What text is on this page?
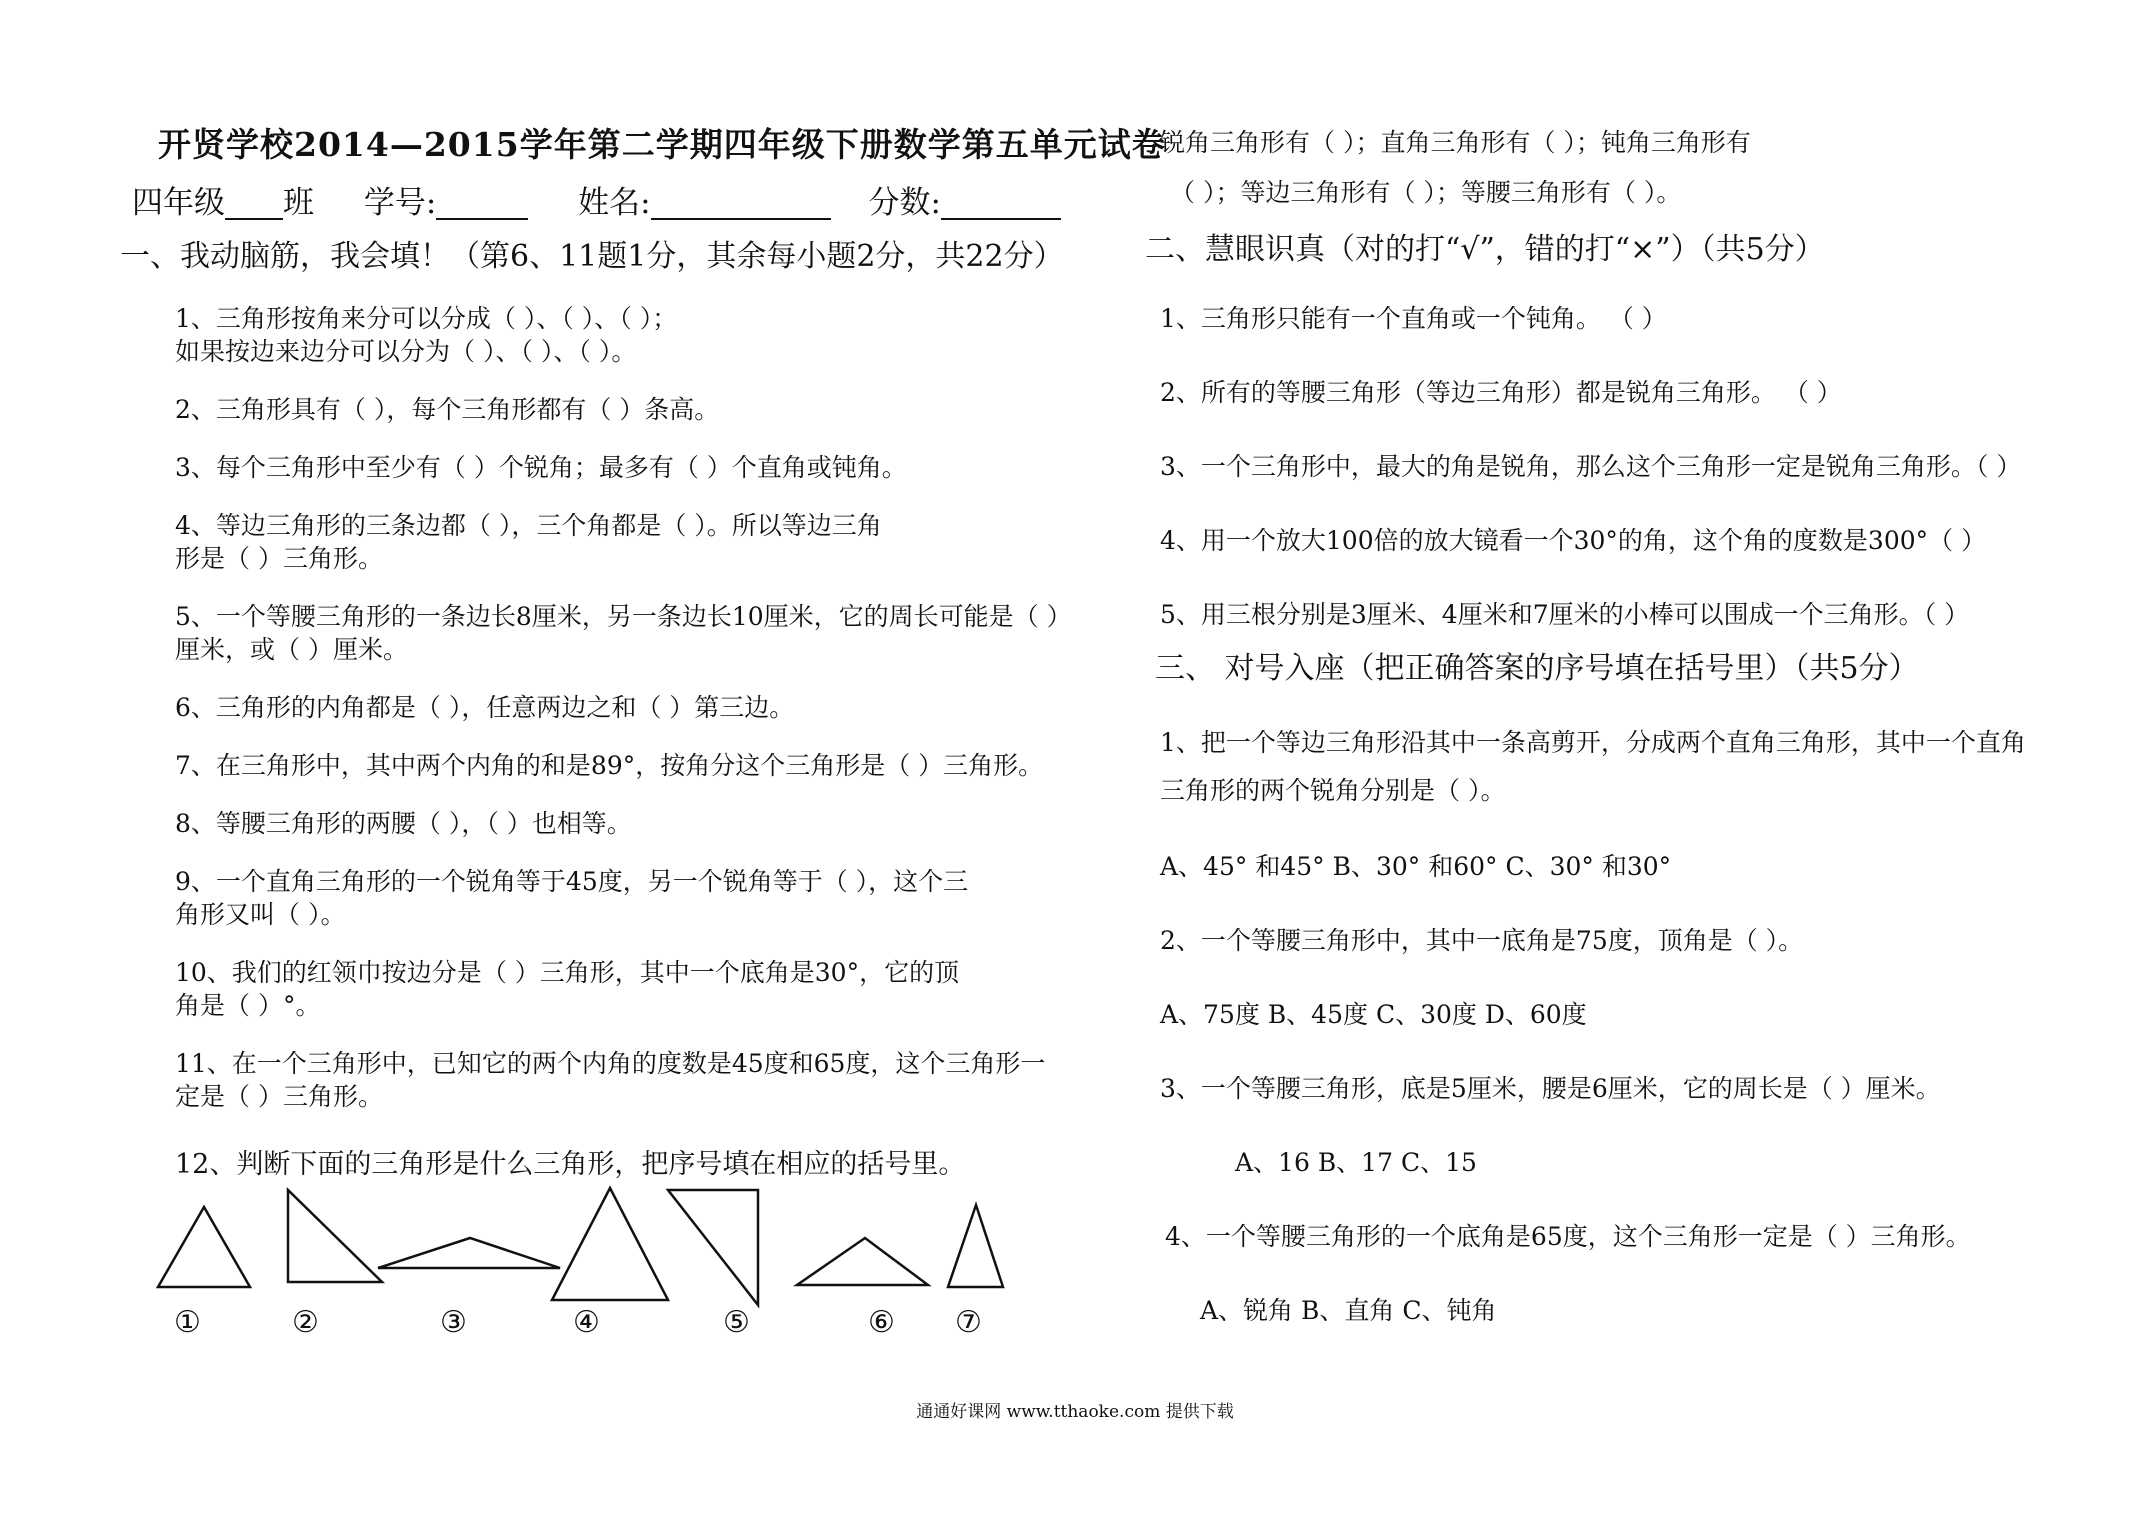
开贤学校2014—2015学年第二学期四年级下册数学第五单元试卷
四年级 班 学号:	姓名:	分数:
一、我动脑筋，我会填！（第6、11题1分，其余每小题2分，共22分）
1、三角形按角来分可以分成（ ）、（ ）、（ ）；
如果按边来边分可以分为（ ）、（ ）、（ ）。
2、三角形具有（ ），每个三角形都有（ ）条高。
3、每个三角形中至少有（ ）个锐角；最多有（ ）个直角或钝角。
4、等边三角形的三条边都（ ），三个角都是（ ）。所以等边三角
形是（ ）三角形。
5、一个等腰三角形的一条边长8厘米，另一条边长10厘米，它的周长可能是（ ）
厘米，或（ ）厘米。
6、三角形的内角都是（ ），任意两边之和（ ）第三边。
7、在三角形中，其中两个内角的和是89°，按角分这个三角形是（ ）三角形。
8、等腰三角形的两腰（ ），（ ）也相等。
9、一个直角三角形的一个锐角等于45度，另一个锐角等于（ ），这个三
角形又叫（ ）。
10、我们的红领巾按边分是（ ）三角形，其中一个底角是30°，它的顶
角是（ ）°。
11、在一个三角形中，已知它的两个内角的度数是45度和65度，这个三角形一
定是（ ）三角形。
12、判断下面的三角形是什么三角形，把序号填在相应的括号里。
①	②	③	④	⑤	⑥ ⑦
锐角三角形有（ ）；直角三角形有（ ）；钝角三角形有
（ ）；等边三角形有（ ）；等腰三角形有（ ）。
二、慧眼识真（对的打“√”，错的打“×”）（共5分）
1、三角形只能有一个直角或一个钝角。 （ ）
2、所有的等腰三角形（等边三角形）都是锐角三角形。 （ ）
3、一个三角形中，最大的角是锐角，那么这个三角形一定是锐角三角形。（ ）
4、用一个放大100倍的放大镜看一个30°的角，这个角的度数是300°（ ）
5、用三根分别是3厘米、4厘米和7厘米的小棒可以围成一个三角形。（ ）
三、 对号入座（把正确答案的序号填在括号里）（共5分）
1、把一个等边三角形沿其中一条高剪开，分成两个直角三角形，其中一个直角
三角形的两个锐角分别是（ ）。
A、45° 和45° B、30° 和60° C、30° 和30°
2、一个等腰三角形中，其中一底角是75度，顶角是（ ）。
A、75度 B、45度 C、30度 D、60度
3、一个等腰三角形，底是5厘米，腰是6厘米，它的周长是（ ）厘米。
A、16 B、17 C、15
4、一个等腰三角形的一个底角是65度，这个三角形一定是（ ）三角形。
A、锐角 B、直角 C、钝角
通通好课网 www.tthaoke.com 提供下载
